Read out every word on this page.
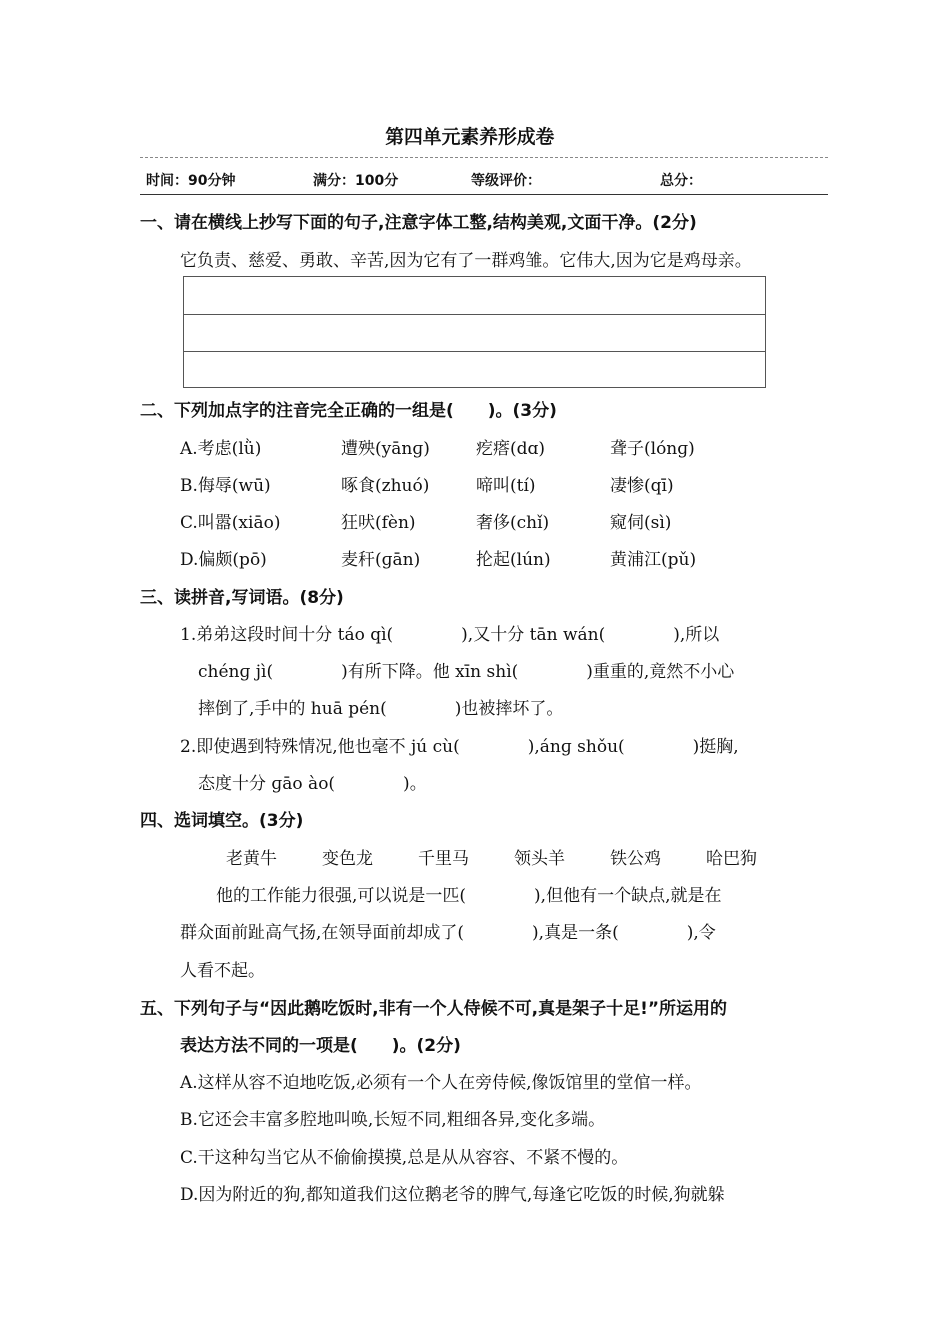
第四单元素养形成卷
时间：90分钟	满分：100分	等级评价：	总分：
一、请在横线上抄写下面的句子,注意字体工整,结构美观,文面干净。(2分)
它负责、慈爱、勇敢、辛苦,因为它有了一群鸡雏。它伟大,因为它是鸡母亲。
二、下列加点字的注音完全正确的一组是(　　)。(3分)
A.考虑(lǜ)	遭殃(yānɡ)	疙瘩(dɑ)	聋子(lónɡ)
B.侮辱(wū)	啄食(zhuó)	啼叫(tí)	凄惨(qī)
C.叫嚣(xiāo)	狂吠(fèn)	奢侈(chǐ)	窥伺(sì)
D.偏颇(pō)	麦秆(ɡān)	抡起(lún)	黄浦江(pǔ)
三、读拼音,写词语。(8分)
1.弟弟这段时间十分 táo qì(　　　　),又十分 tān wán(　　　　),所以
chénɡ jì(　　　　)有所下降。他 xīn shì(　　　　)重重的,竟然不小心
摔倒了,手中的 huā pén(　　　　)也被摔坏了。
2.即使遇到特殊情况,他也毫不 jú cù(　　　　),ánɡ shǒu(　　　　)挺胸,
态度十分 ɡāo ào(　　　　)。
四、选词填空。(3分)
老黄牛	变色龙	千里马	领头羊	铁公鸡	哈巴狗
他的工作能力很强,可以说是一匹(　　　　),但他有一个缺点,就是在
群众面前趾高气扬,在领导面前却成了(　　　　),真是一条(　　　　),令
人看不起。
五、下列句子与“因此鹅吃饭时,非有一个人侍候不可,真是架子十足!”所运用的
表达方法不同的一项是(　　)。(2分)
A.这样从容不迫地吃饭,必须有一个人在旁侍候,像饭馆里的堂倌一样。
B.它还会丰富多腔地叫唤,长短不同,粗细各异,变化多端。
C.干这种勾当它从不偷偷摸摸,总是从从容容、不紧不慢的。
D.因为附近的狗,都知道我们这位鹅老爷的脾气,每逢它吃饭的时候,狗就躲
